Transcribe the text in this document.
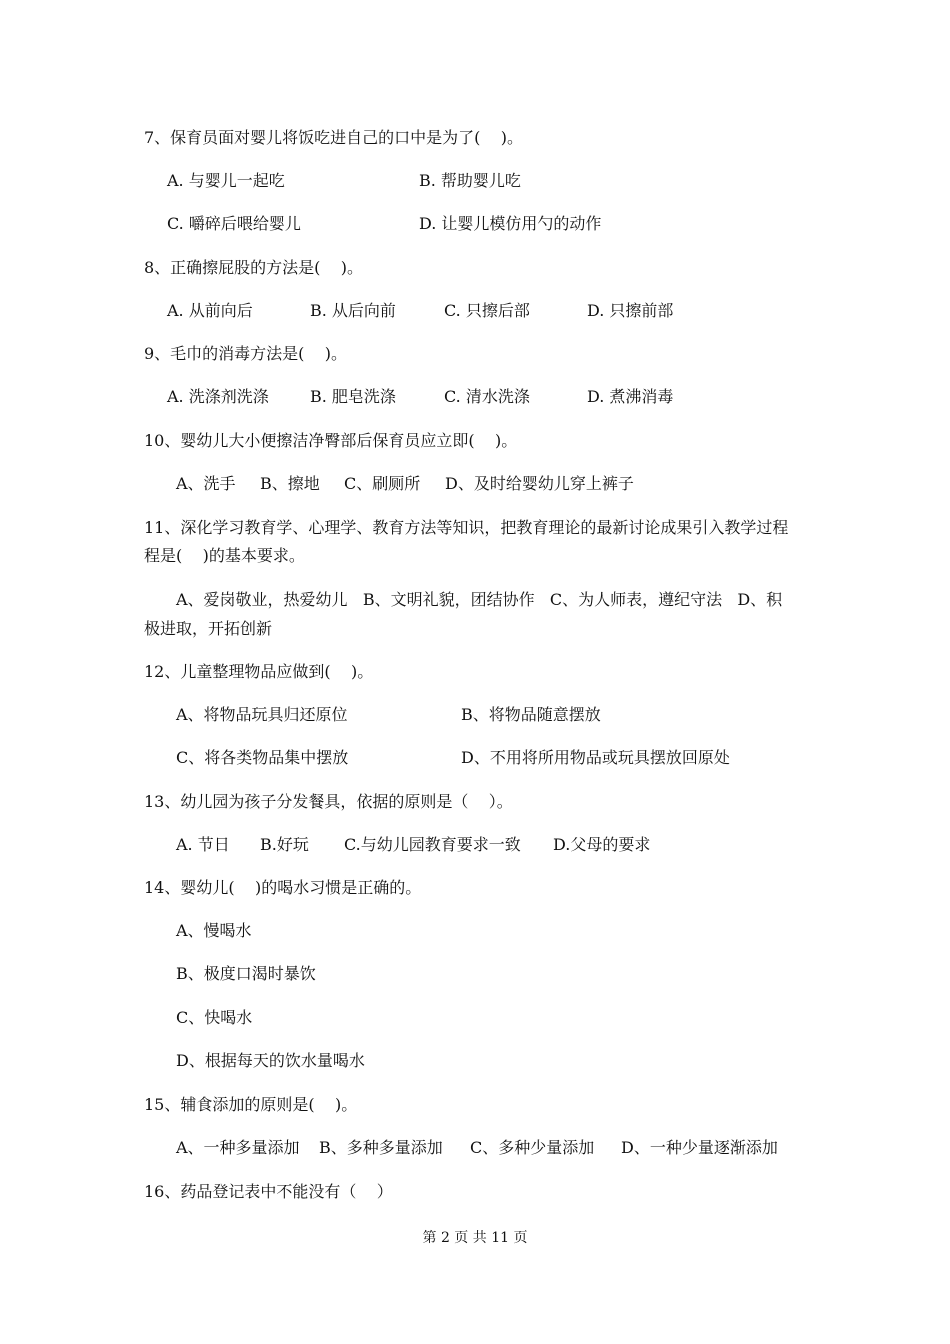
7、保育员面对婴儿将饭吃进自己的口中是为了(    )。
A. 与婴儿一起吃	B. 帮助婴儿吃
C. 嚼碎后喂给婴儿	D. 让婴儿模仿用勺的动作
8、正确擦屁股的方法是(    )。
A. 从前向后	B. 从后向前	C. 只擦后部	D. 只擦前部
9、毛巾的消毒方法是(    )。
A. 洗涤剂洗涤	B. 肥皂洗涤	C. 清水洗涤	D. 煮沸消毒
10、婴幼儿大小便擦洁净臀部后保育员应立即(    )。
A、洗手 B、擦地 C、刷厕所 D、及时给婴幼儿穿上裤子
11、深化学习教育学、心理学、教育方法等知识，把教育理论的最新讨论成果引入教学过程
程是(    )的基本要求。
A、爱岗敬业，热爱幼儿   B、文明礼貌，团结协作   C、为人师表，遵纪守法   D、积
极进取，开拓创新
12、儿童整理物品应做到(    )。
A、将物品玩具归还原位	B、将物品随意摆放
C、将各类物品集中摆放	D、不用将所用物品或玩具摆放回原处
13、幼儿园为孩子分发餐具，依据的原则是（    ）。
A. 节日 B.好玩 C.与幼儿园教育要求一致 D.父母的要求
14、婴幼儿(    )的喝水习惯是正确的。
A、慢喝水
B、极度口渴时暴饮
C、快喝水
D、根据每天的饮水量喝水
15、辅食添加的原则是(    )。
A、一种多量添加 B、多种多量添加 C、多种少量添加 D、一种少量逐渐添加
16、药品登记表中不能没有（    ）
第 2 页 共 11 页
